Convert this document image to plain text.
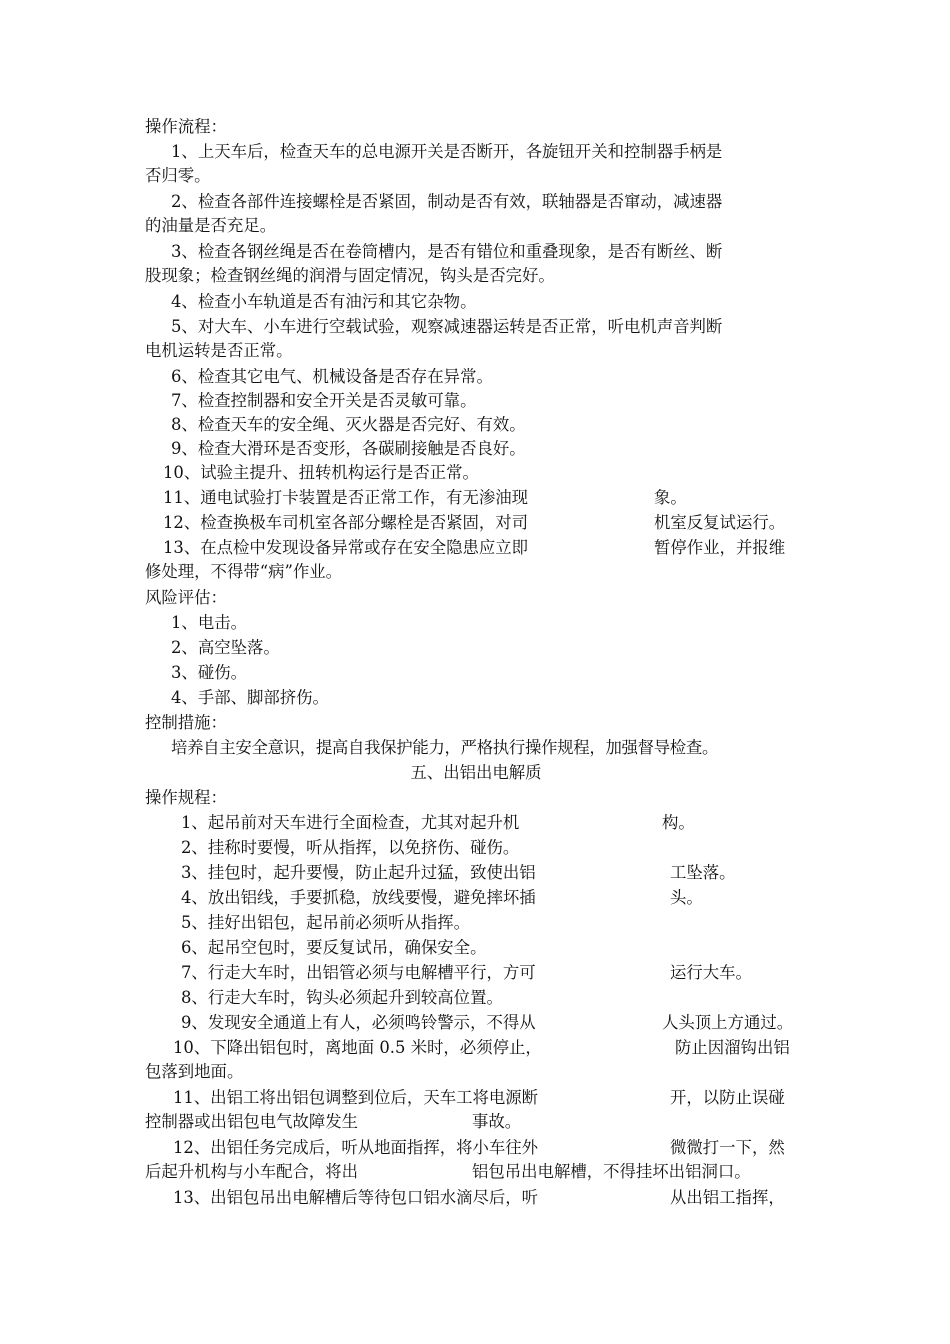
操作流程：
1、上天车后，检查天车的总电源开关是否断开，各旋钮开关和控制器手柄是
否归零。
2、检查各部件连接螺栓是否紧固，制动是否有效，联轴器是否窜动，减速器
的油量是否充足。
3、检查各钢丝绳是否在卷筒槽内，是否有错位和重叠现象，是否有断丝、断
股现象；检查钢丝绳的润滑与固定情况，钩头是否完好。
4、检查小车轨道是否有油污和其它杂物。
5、对大车、小车进行空载试验，观察减速器运转是否正常，听电机声音判断
电机运转是否正常。
6、检查其它电气、机械设备是否存在异常。
7、检查控制器和安全开关是否灵敏可靠。
8、检查天车的安全绳、灭火器是否完好、有效。
9、检查大滑环是否变形，各碳刷接触是否良好。
10、试验主提升、扭转机构运行是否正常。
11、通电试验打卡装置是否正常工作，有无渗油现	象。
12、检查换极车司机室各部分螺栓是否紧固，对司	机室反复试运行。
13、在点检中发现设备异常或存在安全隐患应立即	暂停作业，并报维
修处理，不得带“病”作业。
风险评估：
1、电击。
2、高空坠落。
3、碰伤。
4、手部、脚部挤伤。
控制措施：
培养自主安全意识，提高自我保护能力，严格执行操作规程，加强督导检查。
五、出铝出电解质
操作规程：
1、起吊前对天车进行全面检查，尤其对起升机	构。
2、挂称时要慢，听从指挥，以免挤伤、碰伤。
3、挂包时，起升要慢，防止起升过猛，致使出铝	工坠落。
4、放出铝线，手要抓稳，放线要慢，避免摔坏插	头。
5、挂好出铝包，起吊前必须听从指挥。
6、起吊空包时，要反复试吊，确保安全。
7、行走大车时，出铝管必须与电解槽平行，方可	运行大车。
8、行走大车时，钩头必须起升到较高位置。
9、发现安全通道上有人，必须鸣铃警示，不得从	人头顶上方通过。
10、下降出铝包时，离地面 0.5 米时，必须停止，	防止因溜钩出铝
包落到地面。
11、出铝工将出铝包调整到位后，天车工将电源断	开，以防止误碰
控制器或出铝包电气故障发生	事故。
12、出铝任务完成后，听从地面指挥，将小车往外	微微打一下，然
后起升机构与小车配合，将出	铝包吊出电解槽，不得挂坏出铝洞口。
13、出铝包吊出电解槽后等待包口铝水滴尽后，听	从出铝工指挥，
